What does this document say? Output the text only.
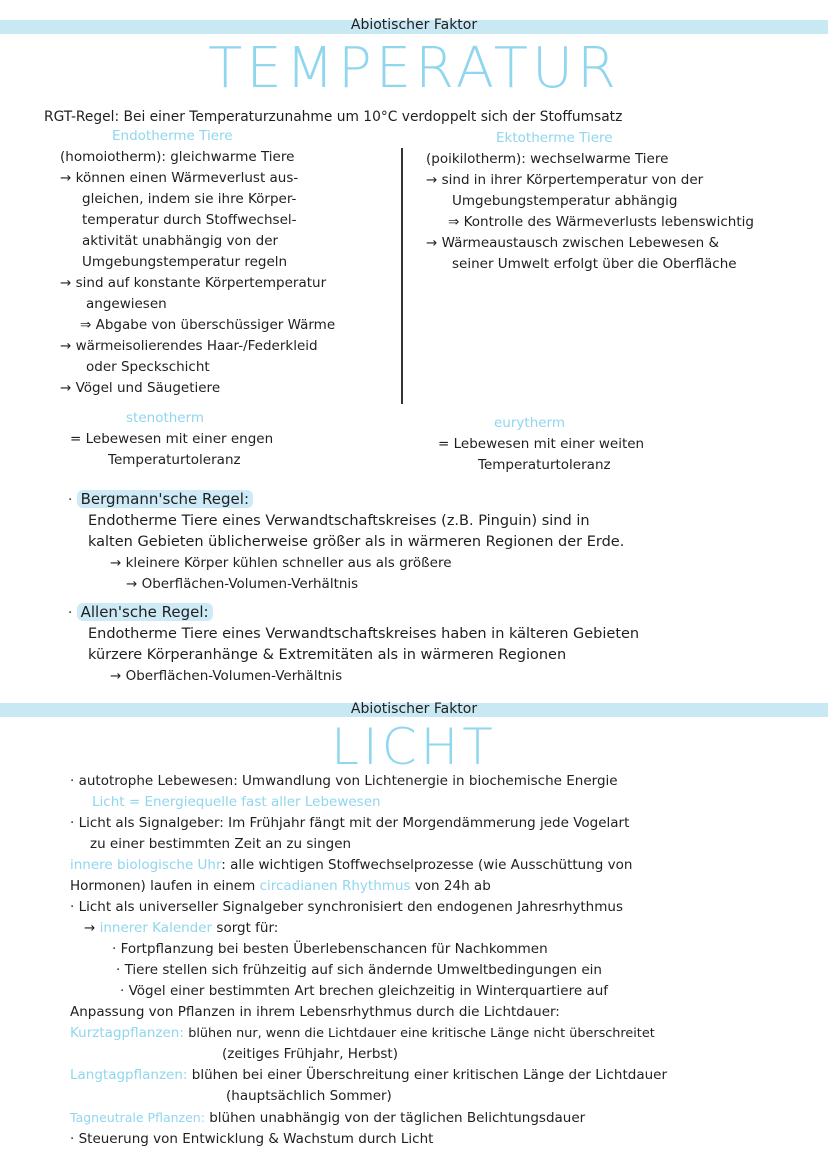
Abiotischer Faktor
TEMPERATUR
RGT-Regel: Bei einer Temperaturzunahme um 10°C verdoppelt sich der Stoffumsatz
Endotherme Tiere	Ektotherme Tiere
(homoiotherm): gleichwarme Tiere
→ können einen Wärmeverlust aus-
gleichen, indem sie ihre Körper-
temperatur durch Stoffwechsel-
aktivität unabhängig von der
Umgebungstemperatur regeln
→ sind auf konstante Körpertemperatur
angewiesen
⇒ Abgabe von überschüssiger Wärme
→ wärmeisolierendes Haar-/Federkleid
oder Speckschicht
→ Vögel und Säugetiere
(poikilotherm): wechselwarme Tiere
→ sind in ihrer Körpertemperatur von der
Umgebungstemperatur abhängig
⇒ Kontrolle des Wärmeverlusts lebenswichtig
→ Wärmeaustausch zwischen Lebewesen &
seiner Umwelt erfolgt über die Oberfläche
stenotherm
= Lebewesen mit einer engen
Temperaturtoleranz
eurytherm
= Lebewesen mit einer weiten
Temperaturtoleranz
· Bergmann'sche Regel:
Endotherme Tiere eines Verwandtschaftskreises (z.B. Pinguin) sind in
kalten Gebieten üblicherweise größer als in wärmeren Regionen der Erde.
→ kleinere Körper kühlen schneller aus als größere
→ Oberflächen-Volumen-Verhältnis
· Allen'sche Regel:
Endotherme Tiere eines Verwandtschaftskreises haben in kälteren Gebieten
kürzere Körperanhänge & Extremitäten als in wärmeren Regionen
→ Oberflächen-Volumen-Verhältnis
Abiotischer Faktor
LICHT
· autotrophe Lebewesen: Umwandlung von Lichtenergie in biochemische Energie
Licht = Energiequelle fast aller Lebewesen
· Licht als Signalgeber: Im Frühjahr fängt mit der Morgendämmerung jede Vogelart
zu einer bestimmten Zeit an zu singen
innere biologische Uhr: alle wichtigen Stoffwechselprozesse (wie Ausschüttung von
Hormonen) laufen in einem circadianen Rhythmus von 24h ab
· Licht als universeller Signalgeber synchronisiert den endogenen Jahresrhythmus
→ innerer Kalender sorgt für:
· Fortpflanzung bei besten Überlebenschancen für Nachkommen
· Tiere stellen sich frühzeitig auf sich ändernde Umweltbedingungen ein
· Vögel einer bestimmten Art brechen gleichzeitig in Winterquartiere auf
Anpassung von Pflanzen in ihrem Lebensrhythmus durch die Lichtdauer:
Kurztagpflanzen: blühen nur, wenn die Lichtdauer eine kritische Länge nicht überschreitet
(zeitiges Frühjahr, Herbst)
Langtagpflanzen: blühen bei einer Überschreitung einer kritischen Länge der Lichtdauer
(hauptsächlich Sommer)
Tagneutrale Pflanzen: blühen unabhängig von der täglichen Belichtungsdauer
· Steuerung von Entwicklung & Wachstum durch Licht
